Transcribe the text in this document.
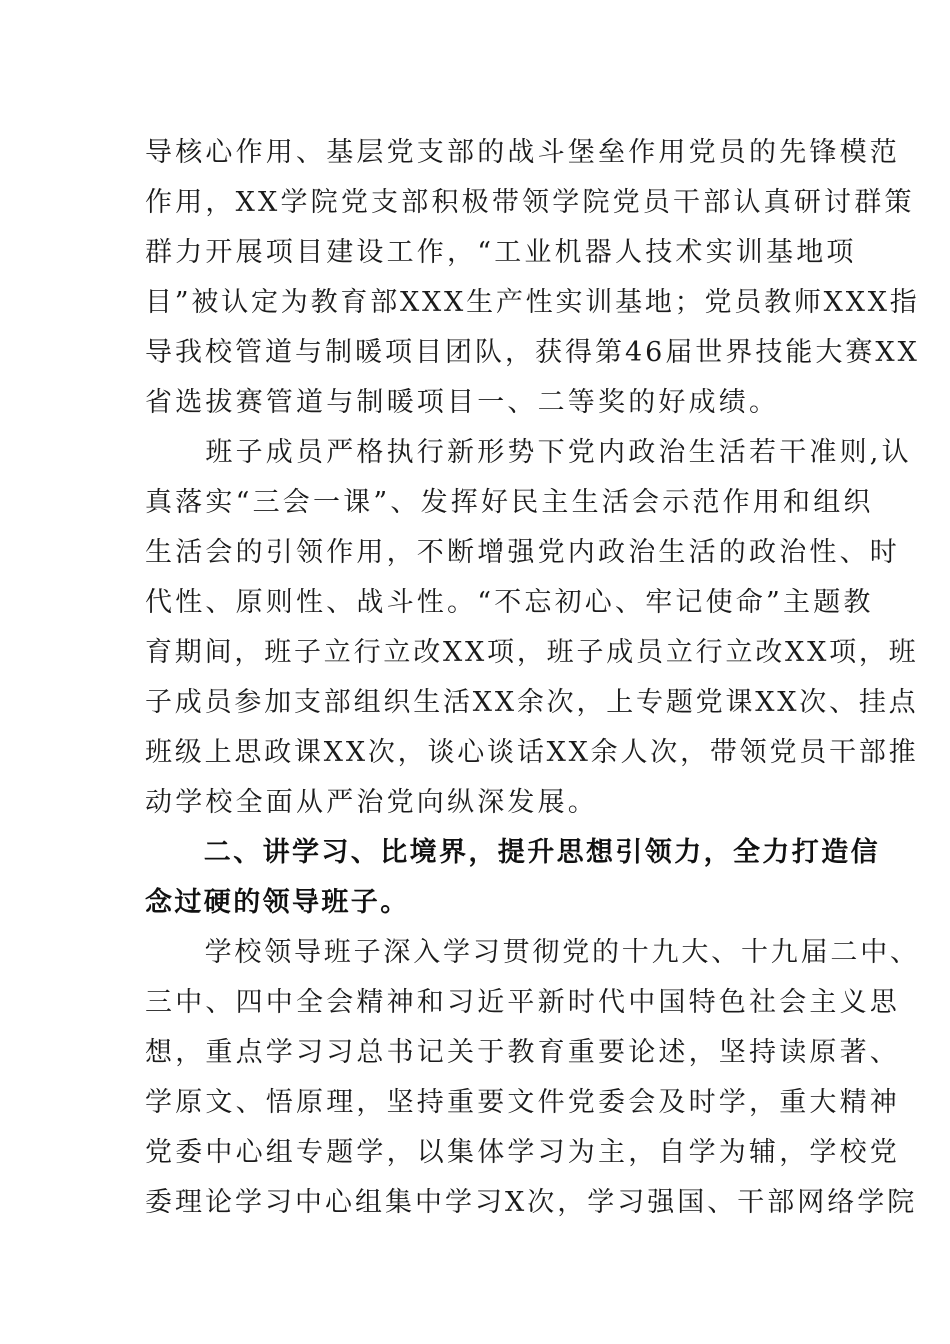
导核心作用、基层党支部的战斗堡垒作用党员的先锋模范
作用，XX学院党支部积极带领学院党员干部认真研讨群策
群力开展项目建设工作，“工业机器人技术实训基地项
目”被认定为教育部XXX生产性实训基地；党员教师XXX指
导我校管道与制暖项目团队，获得第46届世界技能大赛XX
省选拔赛管道与制暖项目一、二等奖的好成绩。
　　班子成员严格执行新形势下党内政治生活若干准则,认
真落实“三会一课”、发挥好民主生活会示范作用和组织
生活会的引领作用，不断增强党内政治生活的政治性、时
代性、原则性、战斗性。“不忘初心、牢记使命”主题教
育期间，班子立行立改XX项，班子成员立行立改XX项，班
子成员参加支部组织生活XX余次，上专题党课XX次、挂点
班级上思政课XX次，谈心谈话XX余人次，带领党员干部推
动学校全面从严治党向纵深发展。
　　二、讲学习、比境界，提升思想引领力，全力打造信
念过硬的领导班子。
　　学校领导班子深入学习贯彻党的十九大、十九届二中、
三中、四中全会精神和习近平新时代中国特色社会主义思
想，重点学习习总书记关于教育重要论述，坚持读原著、
学原文、悟原理，坚持重要文件党委会及时学，重大精神
党委中心组专题学，以集体学习为主，自学为辅，学校党
委理论学习中心组集中学习X次，学习强国、干部网络学院
